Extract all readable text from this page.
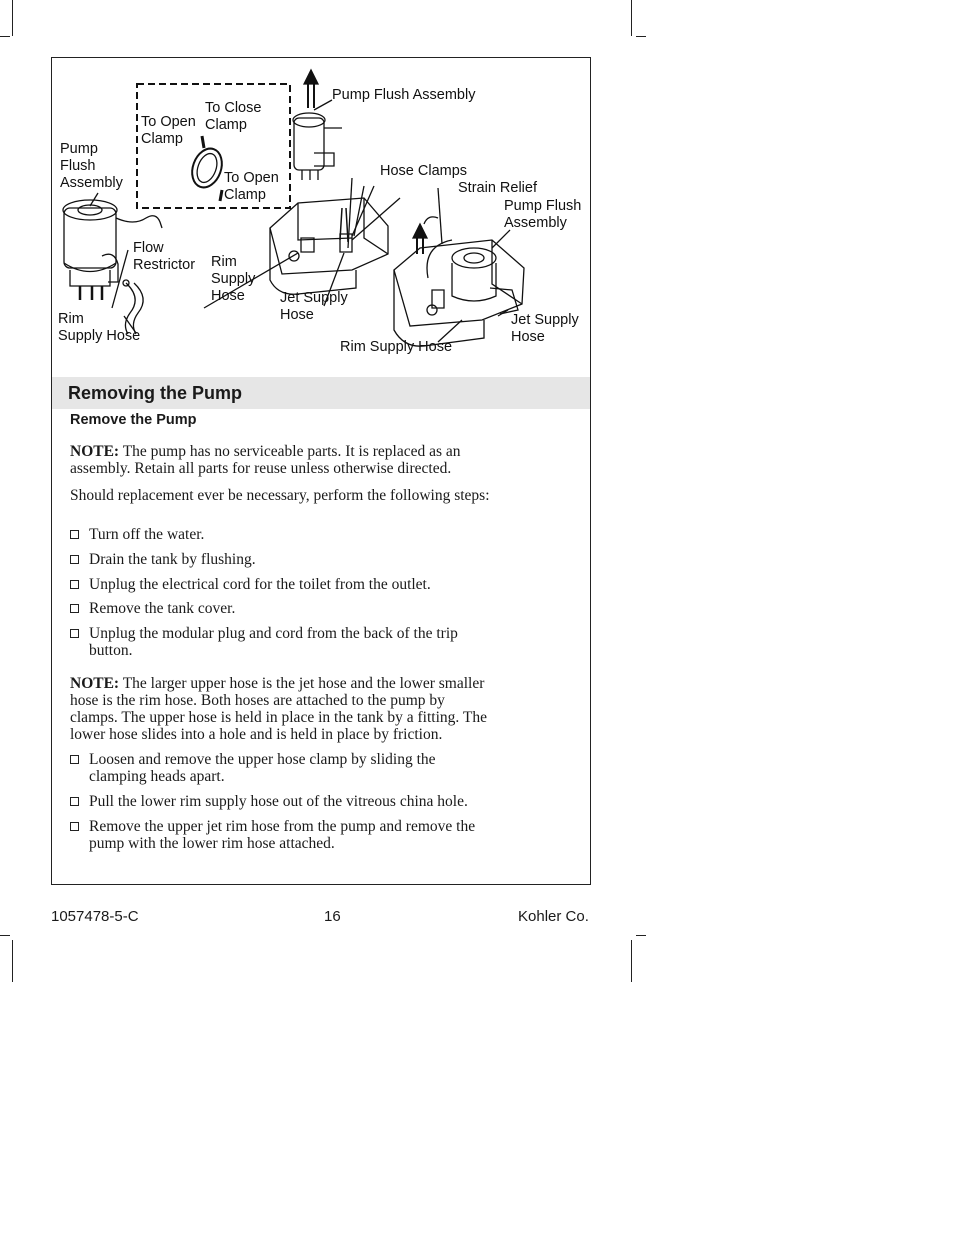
Pump Flush Assembly
To Close
Clamp
To Open
Clamp
To Open
Clamp
Pump
Flush
Assembly
Hose Clamps
Strain Relief
Pump Flush
Assembly
Flow
Restrictor Rim
Supply
Hose	Jet Supply
Hose
Rim
Supply Hose
Jet Supply
Hose
Rim Supply Hose
Removing the Pump
Remove the Pump
NOTE: The pump has no serviceable parts. It is replaced as an
assembly. Retain all parts for reuse unless otherwise directed.
Should replacement ever be necessary, perform the following steps:
Turn off the water.
Drain the tank by flushing.
Unplug the electrical cord for the toilet from the outlet.
Remove the tank cover.
Unplug the modular plug and cord from the back of the trip
button.
NOTE: The larger upper hose is the jet hose and the lower smaller
hose is the rim hose. Both hoses are attached to the pump by
clamps. The upper hose is held in place in the tank by a fitting. The
lower hose slides into a hole and is held in place by friction.
Loosen and remove the upper hose clamp by sliding the
clamping heads apart.
Pull the lower rim supply hose out of the vitreous china hole.
Remove the upper jet rim hose from the pump and remove the
pump with the lower rim hose attached.
1057478-5-C	16	Kohler Co.
